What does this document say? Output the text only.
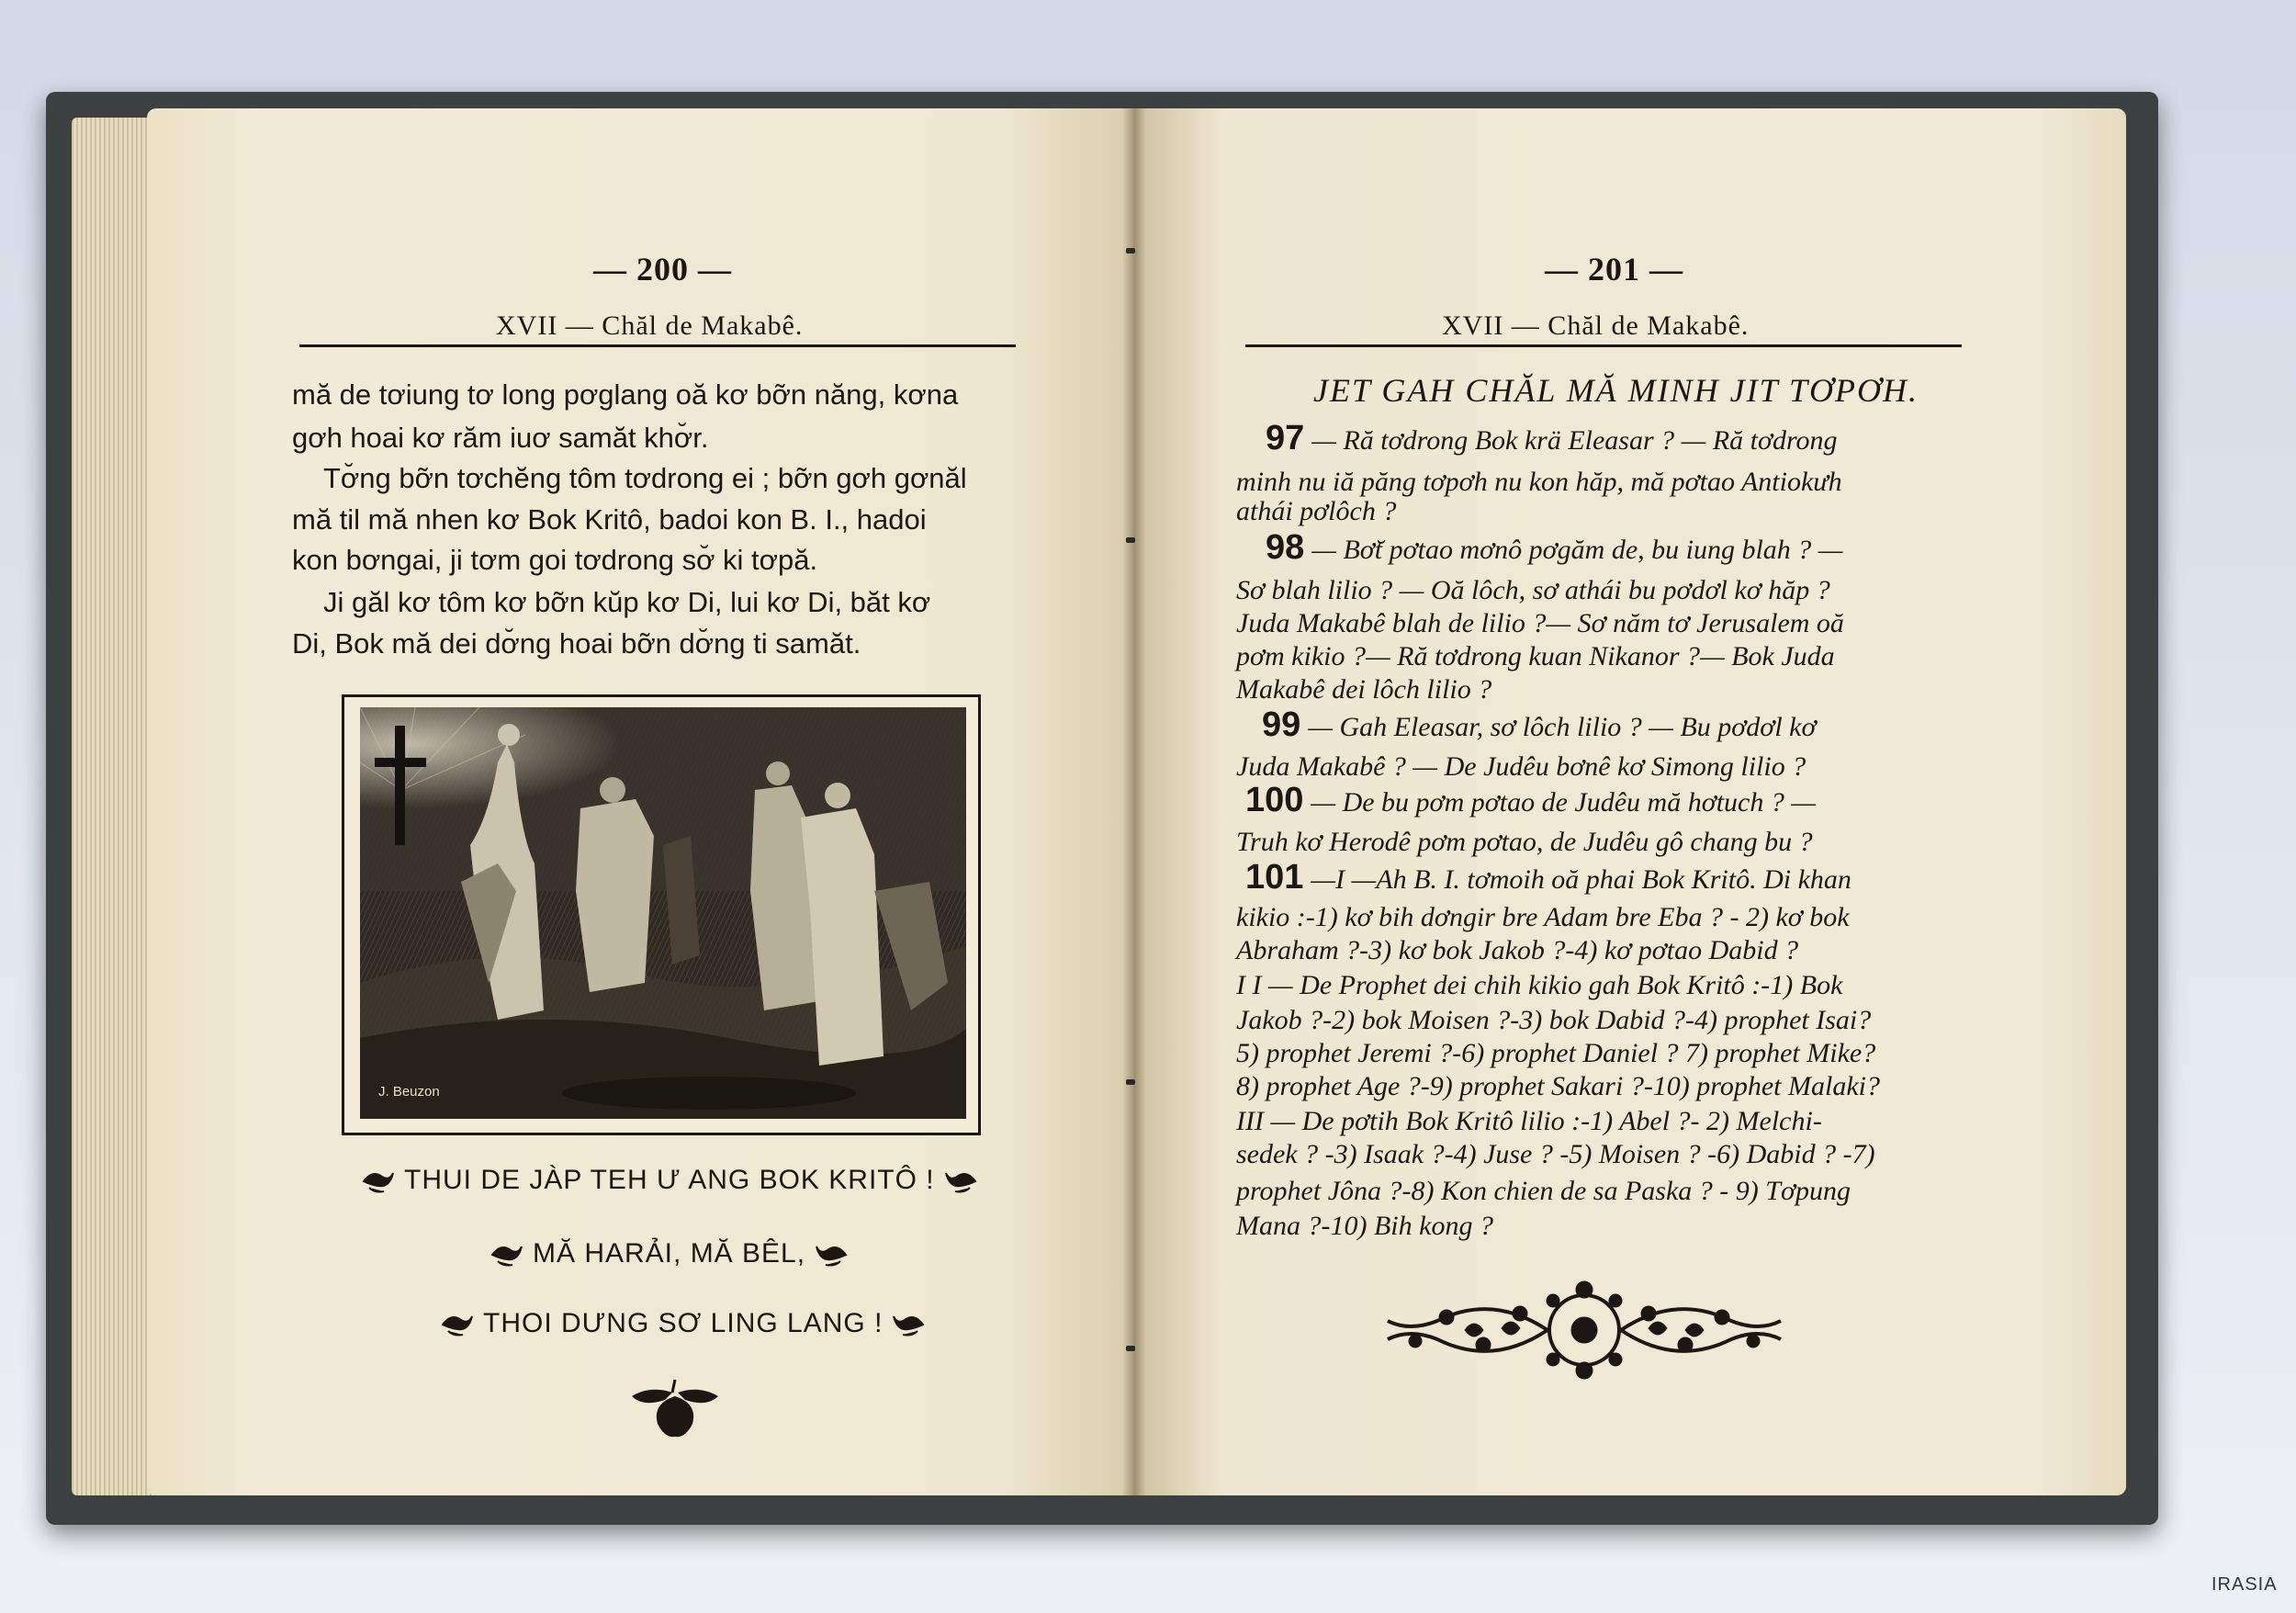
— 200 —
XVII — Chăl de Makabê.
mă de tơiung tơ long pơglang oă kơ bỡn năng, kơna
gơh hoai kơ răm iuơ samăt khơ̆r.
Tơ̆ng bỡn tơchĕng tôm tơdrong ei ; bỡn gơh gơnăl
mă til mă nhen kơ Bok Kritô, badoi kon B. I., hadoi
kon bơngai, ji tơm goi tơdrong sơ̆ ki tơpă.
Ji găl kơ tôm kơ bỡn kŭp kơ Di, lui kơ Di, băt kơ
Di, Bok mă dei dơ̆ng hoai bỡn dơ̆ng ti samăt.
J. Beuzon
THUI DE JÀP TEH Ư ANG BOK KRITÔ !
MĂ HARẢI, MĂ BÊL,
THOI DƯNG SƠ LING LANG !
— 201 —
XVII — Chăl de Makabê.
JET GAH CHĂL MĂ MINH JIT TƠPƠH.
97 — Ră tơdrong Bok krä Eleasar ? — Ră tơdrong
minh nu iă păng tơpơh nu kon hăp, mă pơtao Antiokưh
athái pơlôch ?
98 — Bơ̆t pơtao mơnô pơgăm de, bu iung blah ? —
Sơ blah lilio ? — Oă lôch, sơ athái bu pơdơl kơ hăp ?
Juda Makabê blah de lilio ?— Sơ năm tơ Jerusalem oă
pơm kikio ?— Ră tơdrong kuan Nikanor ?— Bok Juda
Makabê dei lôch lilio ?
99 — Gah Eleasar, sơ lôch lilio ? — Bu pơdơl kơ
Juda Makabê ? — De Judêu bơnê kơ Simong lilio ?
100 — De bu pơm pơtao de Judêu mă hơtuch ? —
Truh kơ Herodê pơm pơtao, de Judêu gô chang bu ?
101 —I —Ah B. I. tơmoih oă phai Bok Kritô. Di khan
kikio :-1) kơ bih dơngir bre Adam bre Eba ? - 2) kơ bok
Abraham ?-3) kơ bok Jakob ?-4) kơ pơtao Dabid ?
I I — De Prophet dei chih kikio gah Bok Kritô :-1) Bok
Jakob ?-2) bok Moisen ?-3) bok Dabid ?-4) prophet Isai?
5) prophet Jeremi ?-6) prophet Daniel ? 7) prophet Mike?
8) prophet Age ?-9) prophet Sakari ?-10) prophet Malaki?
III — De pơtih Bok Kritô lilio :-1) Abel ?- 2) Melchi-
sedek ? -3) Isaak ?-4) Juse ? -5) Moisen ? -6) Dabid ? -7)
prophet Jôna ?-8) Kon chien de sa Paska ? - 9) Tơpung
Mana ?-10) Bih kong ?
IRASIA
